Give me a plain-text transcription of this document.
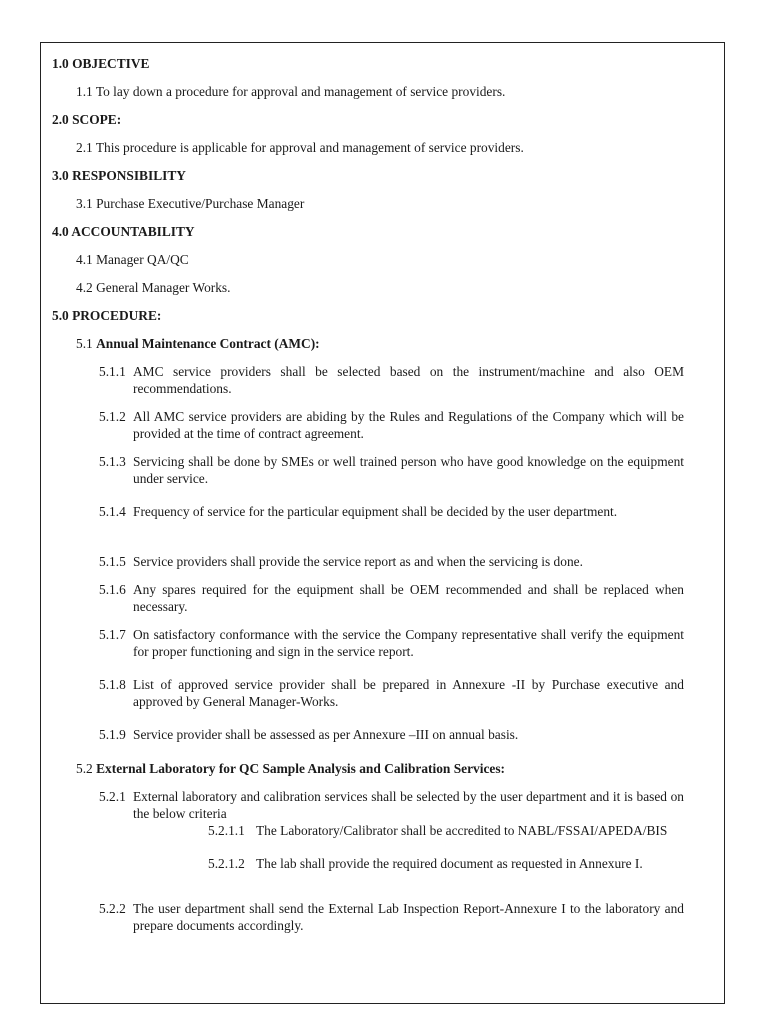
1.0 OBJECTIVE
1.1 To lay down a procedure for approval and management of service providers.
2.0 SCOPE:
2.1 This procedure is applicable for approval and management of service providers.
3.0 RESPONSIBILITY
3.1 Purchase Executive/Purchase Manager
4.0 ACCOUNTABILITY
4.1 Manager QA/QC
4.2 General Manager Works.
5.0 PROCEDURE:
5.1 Annual Maintenance Contract (AMC):
5.1.1 AMC service providers shall be selected based on the instrument/machine and also OEM recommendations.
5.1.2 All AMC service providers are abiding by the Rules and Regulations of the Company which will be provided at the time of contract agreement.
5.1.3 Servicing shall be done by SMEs or well trained person who have good knowledge on the equipment under service.
5.1.4 Frequency of service for the particular equipment shall be decided by the user department.
5.1.5 Service providers shall provide the service report as and when the servicing is done.
5.1.6 Any spares required for the equipment shall be OEM recommended and shall be replaced when necessary.
5.1.7 On satisfactory conformance with the service the Company representative shall verify the equipment for proper functioning and sign in the service report.
5.1.8 List of approved service provider shall be prepared in Annexure -II by Purchase executive and approved by General Manager-Works.
5.1.9 Service provider shall be assessed as per Annexure –III on annual basis.
5.2 External Laboratory for QC Sample Analysis and Calibration Services:
5.2.1 External laboratory and calibration services shall be selected by the user department and it is based on the below criteria
5.2.1.1 The Laboratory/Calibrator shall be accredited to NABL/FSSAI/APEDA/BIS
5.2.1.2 The lab shall provide the required document as requested in Annexure I.
5.2.2 The user department shall send the External Lab Inspection Report-Annexure I to the laboratory and prepare documents accordingly.
